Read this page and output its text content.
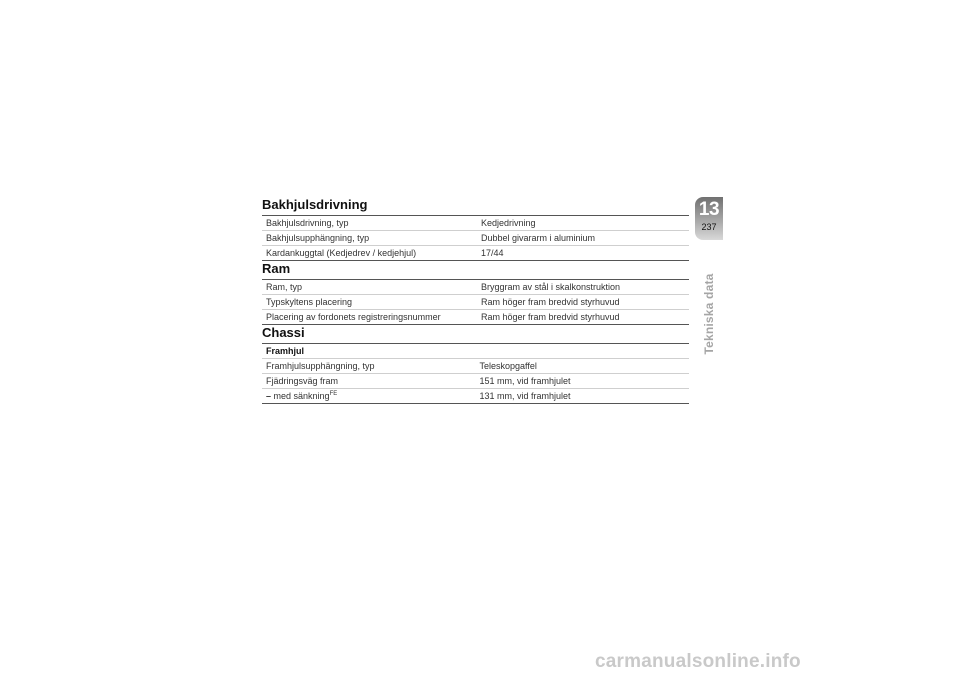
Bakhjulsdrivning
Bakhjulsdrivning, typ	Kedjedrivning
Bakhjulsupphängning, typ	Dubbel givararm i aluminium
Kardankuggtal (Kedjedrev / kedjehjul)	17/44
Ram
Ram, typ	Bryggram av stål i skalkonstruktion
Typskyltens placering	Ram höger fram bredvid styrhuvud
Placering av fordonets registreringsnummer	Ram höger fram bredvid styrhuvud
Chassi
Framhjul	
Framhjulsupphängning, typ	Teleskopgaffel
Fjädringsväg fram	151 mm, vid framhjulet
– med sänkning$^{FE}$	131 mm, vid framhjulet
13
237
Tekniska data
carmanualsonline.info
